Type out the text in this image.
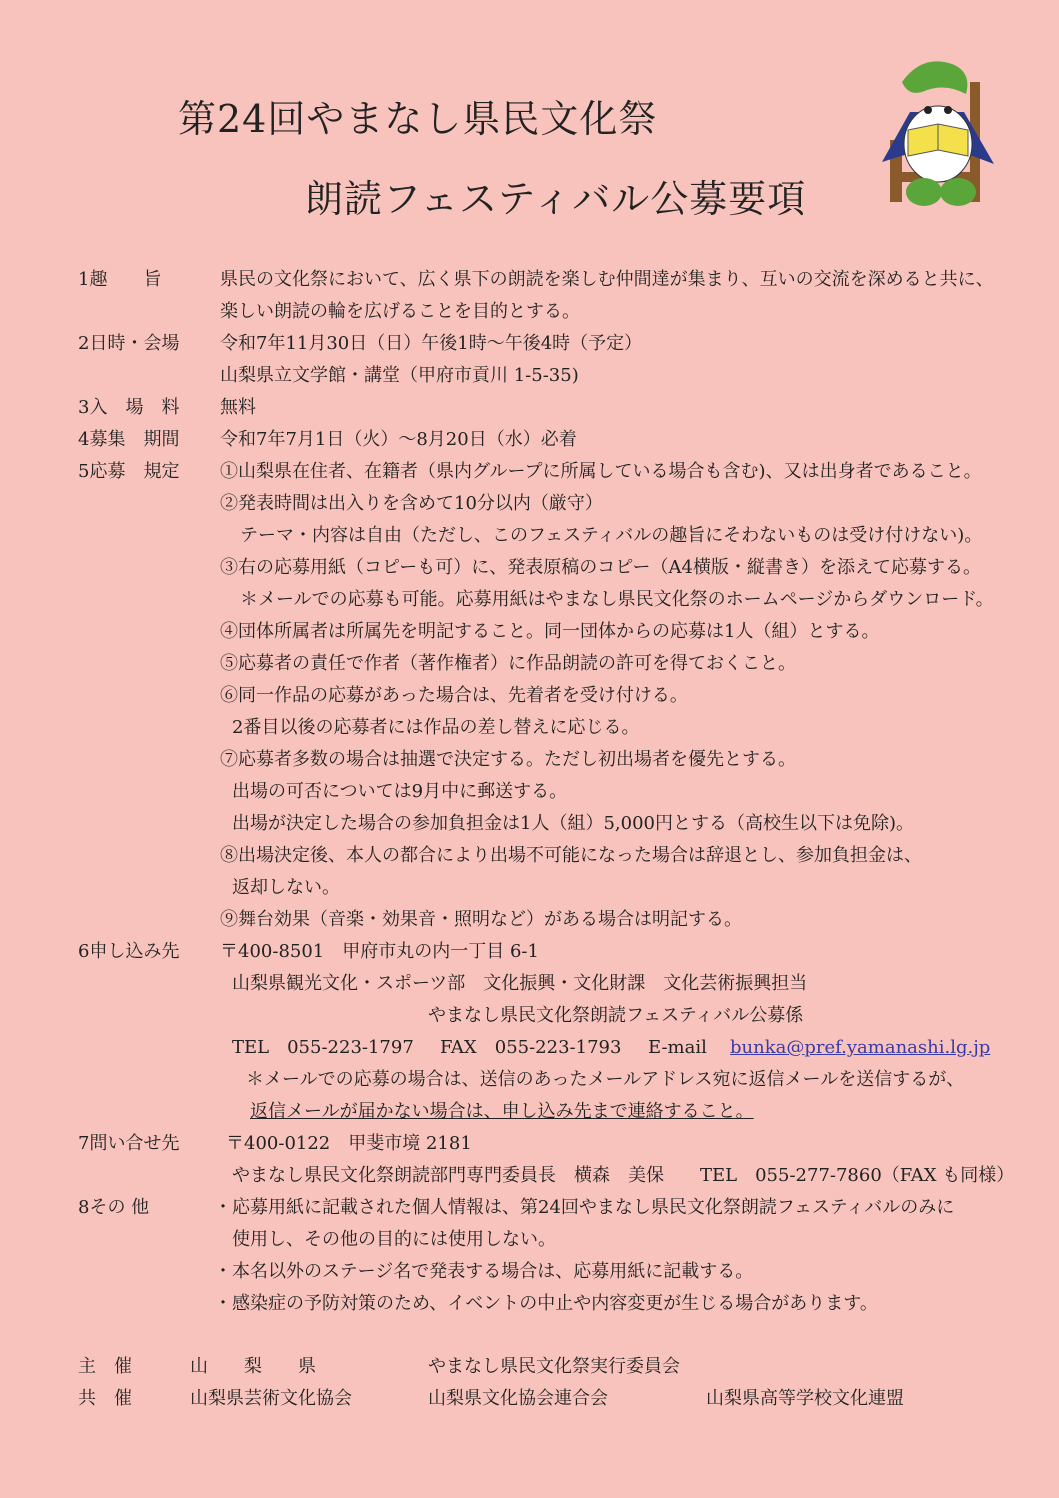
第24回やまなし県民文化祭
朗読フェスティバル公募要項
1趣　　旨	県民の文化祭において、広く県下の朗読を楽しむ仲間達が集まり、互いの交流を深めると共に、
楽しい朗読の輪を広げることを目的とする。
2日時・会場 令和7年11月30日（日）午後1時～午後4時（予定）
山梨県立文学館・講堂（甲府市貢川 1-5-35)
3入　場　料 無料
4募集　期間 令和7年7月1日（火）～8月20日（水）必着
5応募　規定 ①山梨県在住者、在籍者（県内グループに所属している場合も含む)、又は出身者であること。
②発表時間は出入りを含めて10分以内（厳守）
テーマ・内容は自由（ただし、このフェスティバルの趣旨にそわないものは受け付けない)。
③右の応募用紙（コピーも可）に、発表原稿のコピー（A4横版・縦書き）を添えて応募する。
＊メールでの応募も可能。応募用紙はやまなし県民文化祭のホームページからダウンロード。
④団体所属者は所属先を明記すること。同一団体からの応募は1人（組）とする。
⑤応募者の責任で作者（著作権者）に作品朗読の許可を得ておくこと。
⑥同一作品の応募があった場合は、先着者を受け付ける。
2番目以後の応募者には作品の差し替えに応じる。
⑦応募者多数の場合は抽選で決定する。ただし初出場者を優先とする。
出場の可否については9月中に郵送する。
出場が決定した場合の参加負担金は1人（組）5,000円とする（高校生以下は免除)。
⑧出場決定後、本人の都合により出場不可能になった場合は辞退とし、参加負担金は、
返却しない。
⑨舞台効果（音楽・効果音・照明など）がある場合は明記する。
6申し込み先 〒400-8501　甲府市丸の内一丁目 6-1
山梨県観光文化・スポーツ部　文化振興・文化財課　文化芸術振興担当
やまなし県民文化祭朗読フェスティバル公募係
TEL　055-223-1797 FAX　055-223-1793 E-mail bunka@pref.yamanashi.lg.jp
＊メールでの応募の場合は、送信のあったメールアドレス宛に返信メールを送信するが、
返信メールが届かない場合は、申し込み先まで連絡すること。
7問い合せ先	〒400-0122　甲斐市境 2181
やまなし県民文化祭朗読部門専門委員長　横森　美保　　TEL　055-277-7860（FAX も同様）
8その 他	・応募用紙に記載された個人情報は、第24回やまなし県民文化祭朗読フェスティバルのみに
使用し、その他の目的には使用しない。
・本名以外のステージ名で発表する場合は、応募用紙に記載する。
・感染症の予防対策のため、イベントの中止や内容変更が生じる場合があります。
主　催	山　　梨　　県	やまなし県民文化祭実行委員会
共　催	山梨県芸術文化協会	山梨県文化協会連合会	山梨県高等学校文化連盟
